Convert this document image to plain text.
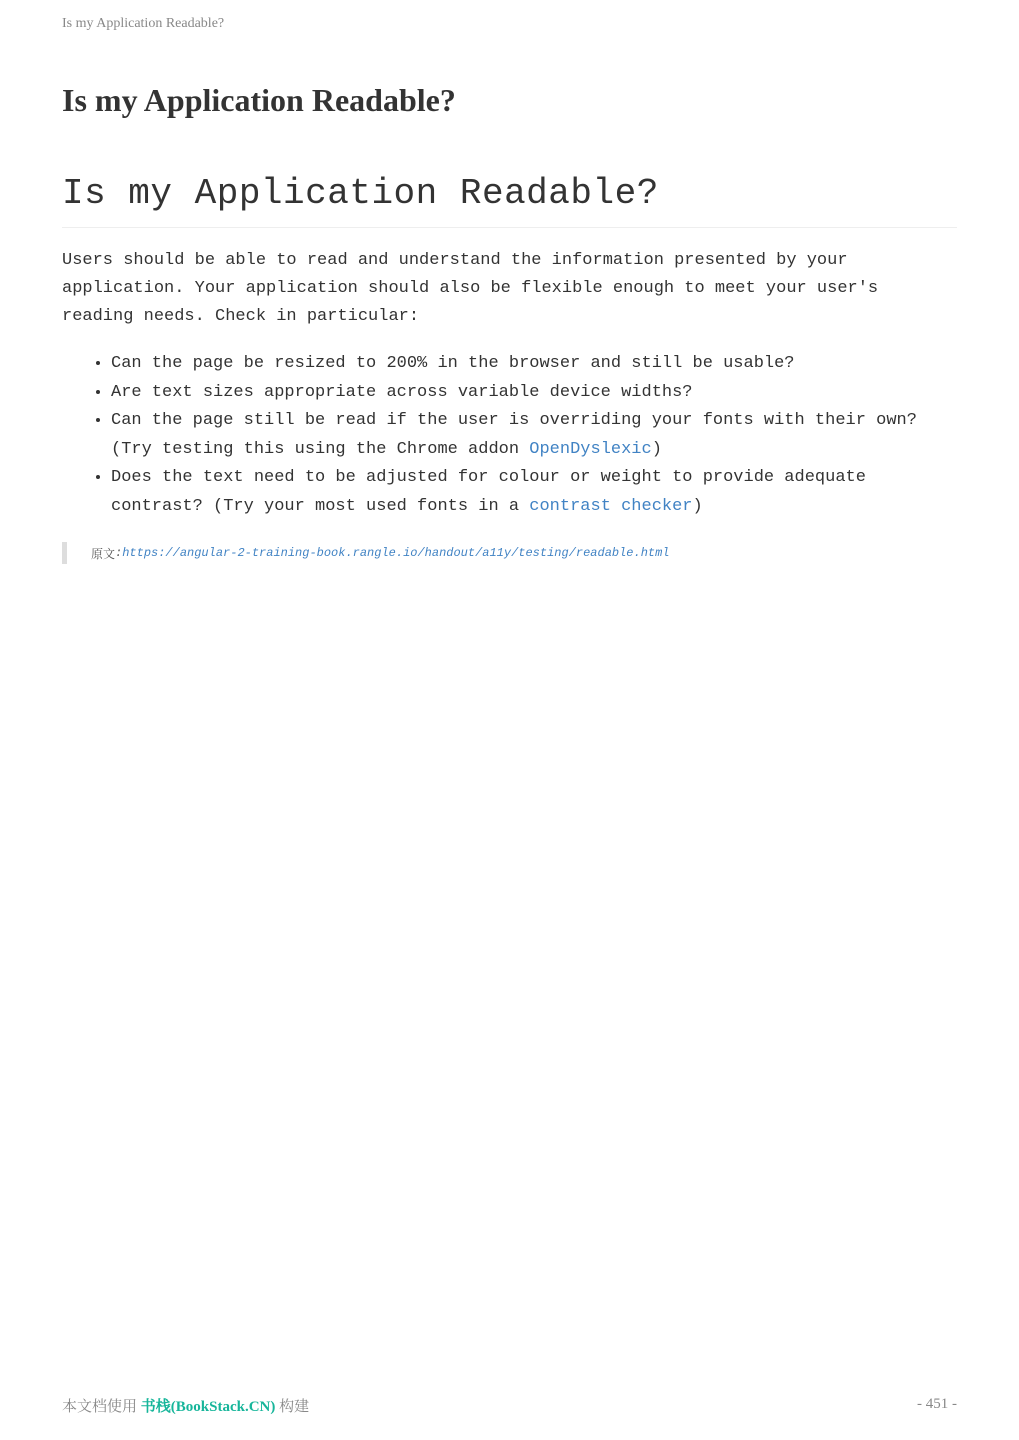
Is my Application Readable?
Is my Application Readable?
Is my Application Readable?

Users should be able to read and understand the information presented by your application. Your application should also be flexible enough to meet your user's reading needs. Check in particular:

• Can the page be resized to 200% in the browser and still be usable?
• Are text sizes appropriate across variable device widths?
• Can the page still be read if the user is overriding your fonts with their own? (Try testing this using the Chrome addon OpenDyslexic)
• Does the text need to be adjusted for colour or weight to provide adequate contrast? (Try your most used fonts in a contrast checker)
原文 : https://angular-2-training-book.rangle.io/handout/a11y/testing/readable.html
本文档使用 书栈(BookStack.CN) 构建	- 451 -
